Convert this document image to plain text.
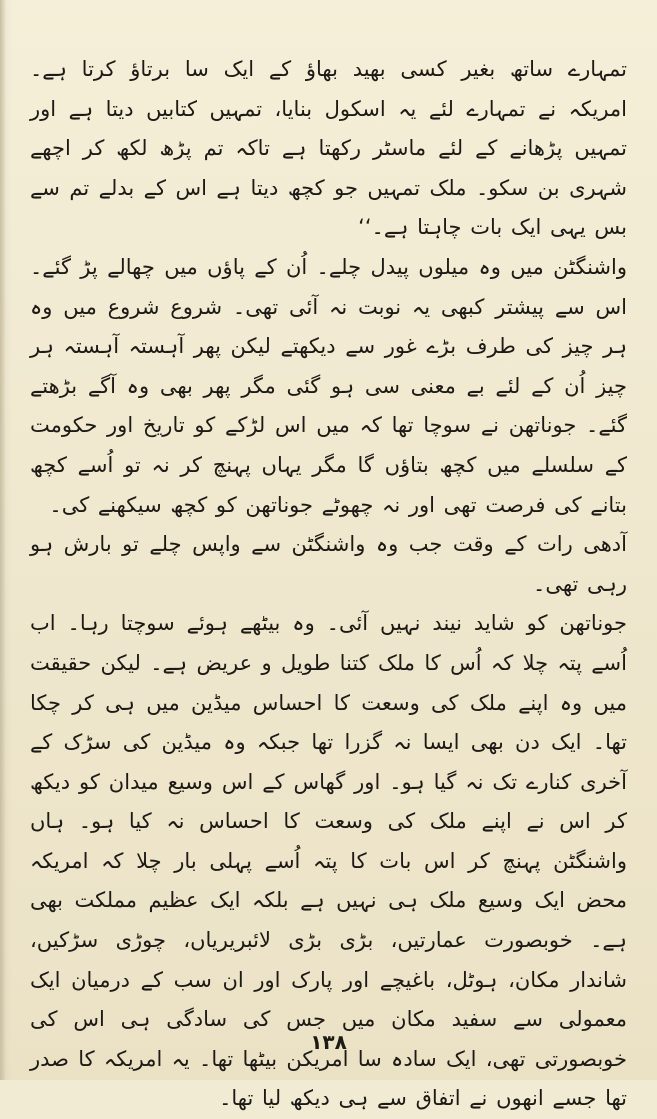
تمہارے ساتھ بغیر کسی بھید بھاؤ کے ایک سا برتاؤ کرتا ہے۔ امریکہ نے تمہارے لئے یہ اسکول بنایا، تمہیں کتابیں دیتا ہے اور تمہیں پڑھانے کے لئے ماسٹر رکھتا ہے تاکہ تم پڑھ لکھ کر اچھے شہری بن سکو۔ ملک تمہیں جو کچھ دیتا ہے اس کے بدلے تم سے بس یہی ایک بات چاہتا ہے۔‘‘

واشنگٹن میں وہ میلوں پیدل چلے۔ اُن کے پاؤں میں چھالے پڑ گئے۔ اس سے پیشتر کبھی یہ نوبت نہ آئی تھی۔ شروع شروع میں وہ ہر چیز کی طرف بڑے غور سے دیکھتے لیکن پھر آہستہ آہستہ ہر چیز اُن کے لئے بے معنی سی ہو گئی مگر پھر بھی وہ آگے بڑھتے گئے۔ جوناتھن نے سوچا تھا کہ میں اس لڑکے کو تاریخ اور حکومت کے سلسلے میں کچھ بتاؤں گا مگر یہاں پہنچ کر نہ تو اُسے کچھ بتانے کی فرصت تھی اور نہ چھوٹے جوناتھن کو کچھ سیکھنے کی۔

آدھی رات کے وقت جب وہ واشنگٹن سے واپس چلے تو بارش ہو رہی تھی۔

جوناتھن کو شاید نیند نہیں آئی۔ وہ بیٹھے ہوئے سوچتا رہا۔ اب اُسے پتہ چلا کہ اُس کا ملک کتنا طویل و عریض ہے۔ لیکن حقیقت میں وہ اپنے ملک کی وسعت کا احساس میڈین میں ہی کر چکا تھا۔ ایک دن بھی ایسا نہ گزرا تھا جبکہ وہ میڈین کی سڑک کے آخری کنارے تک نہ گیا ہو۔ اور گھاس کے اس وسیع میدان کو دیکھ کر اس نے اپنے ملک کی وسعت کا احساس نہ کیا ہو۔ ہاں واشنگٹن پہنچ کر اس بات کا پتہ اُسے پہلی بار چلا کہ امریکہ محض ایک وسیع ملک ہی نہیں ہے بلکہ ایک عظیم مملکت بھی ہے۔ خوبصورت عمارتیں، بڑی بڑی لائبریریاں، چوڑی سڑکیں، شاندار مکان، ہوٹل، باغیچے اور پارک اور ان سب کے درمیان ایک معمولی سے سفید مکان میں جس کی سادگی ہی اس کی خوبصورتی تھی، ایک سادہ سا امریکن بیٹھا تھا۔ یہ امریکہ کا صدر تھا جسے انھوں نے اتفاق سے ہی دیکھ لیا تھا۔

۱۳۸
